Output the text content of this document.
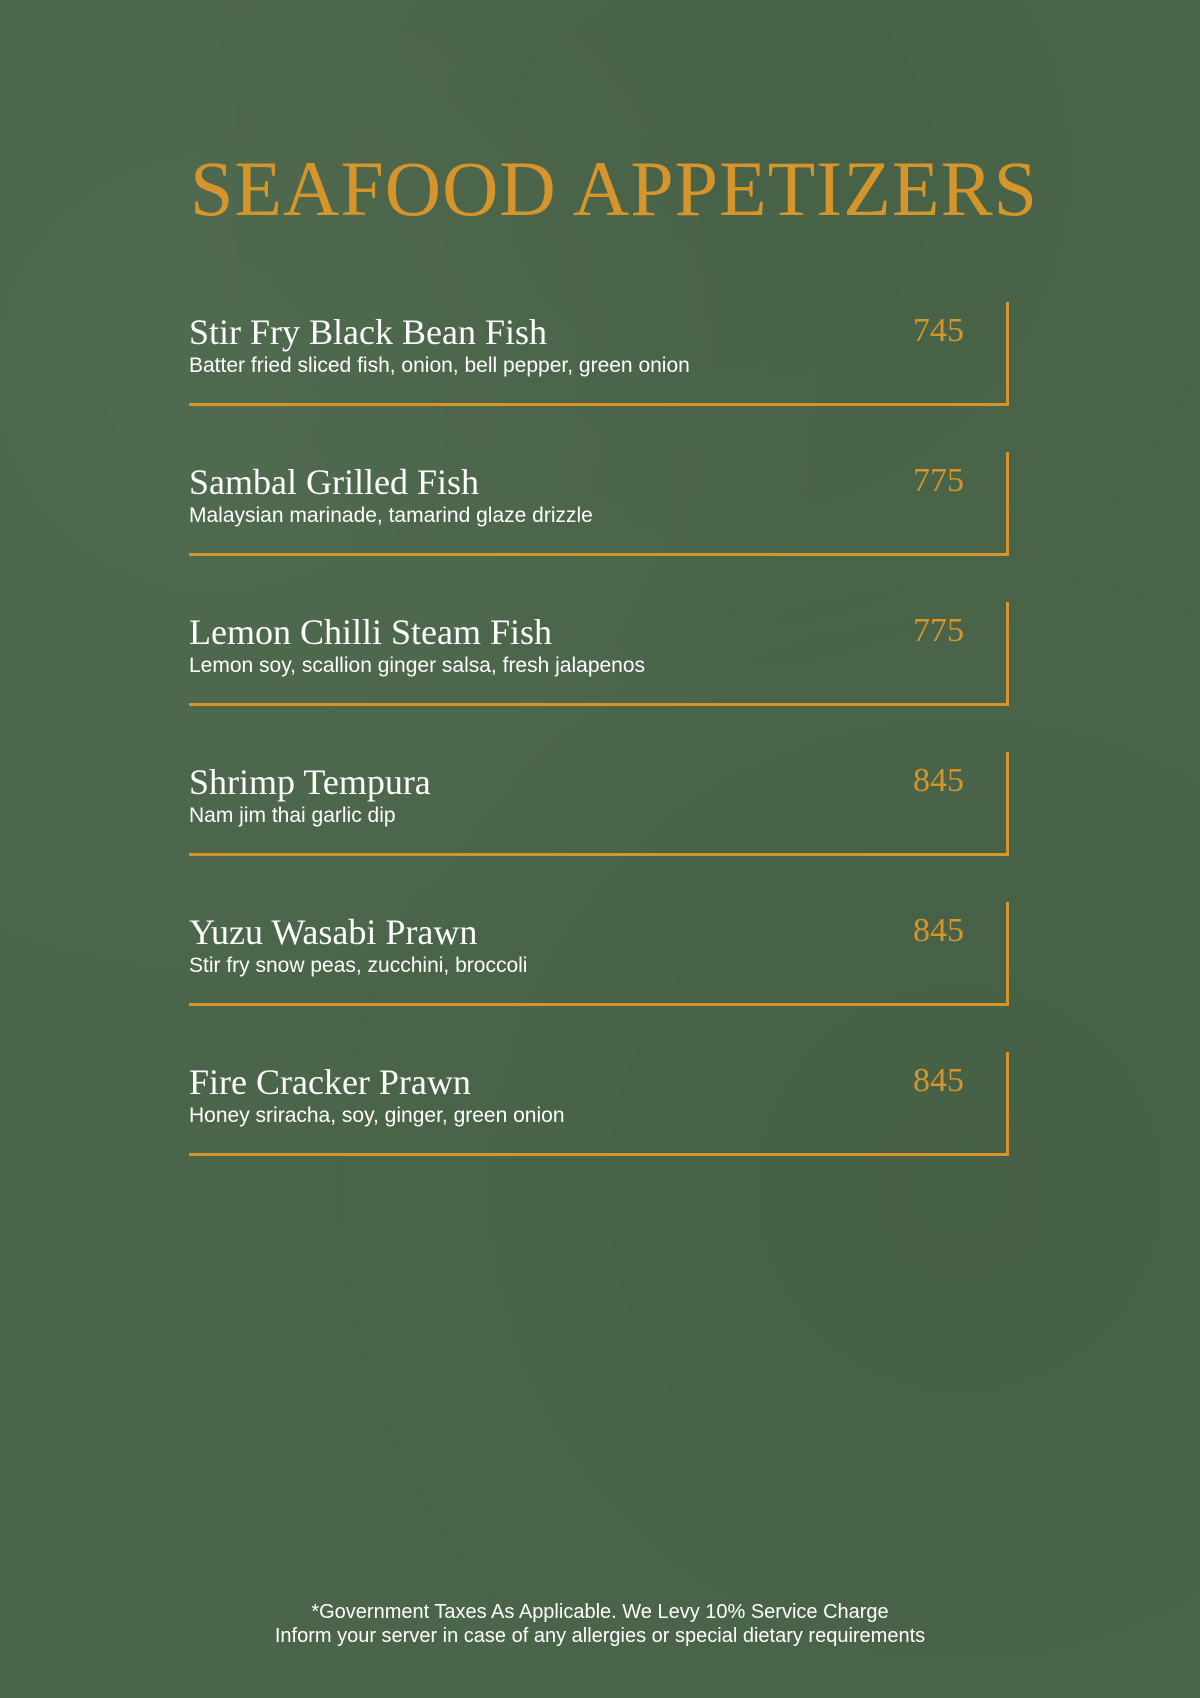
SEAFOOD APPETIZERS
Stir Fry Black Bean Fish
Batter fried sliced fish, onion, bell pepper, green onion
745
Sambal Grilled Fish
Malaysian marinade, tamarind glaze drizzle
775
Lemon Chilli Steam Fish
Lemon soy, scallion ginger salsa, fresh jalapenos
775
Shrimp Tempura
Nam jim thai garlic dip
845
Yuzu Wasabi Prawn
Stir fry snow peas, zucchini, broccoli
845
Fire Cracker Prawn
Honey sriracha, soy, ginger, green onion
845
*Government Taxes As Applicable. We Levy 10% Service Charge
Inform your server in case of any allergies or special dietary requirements
